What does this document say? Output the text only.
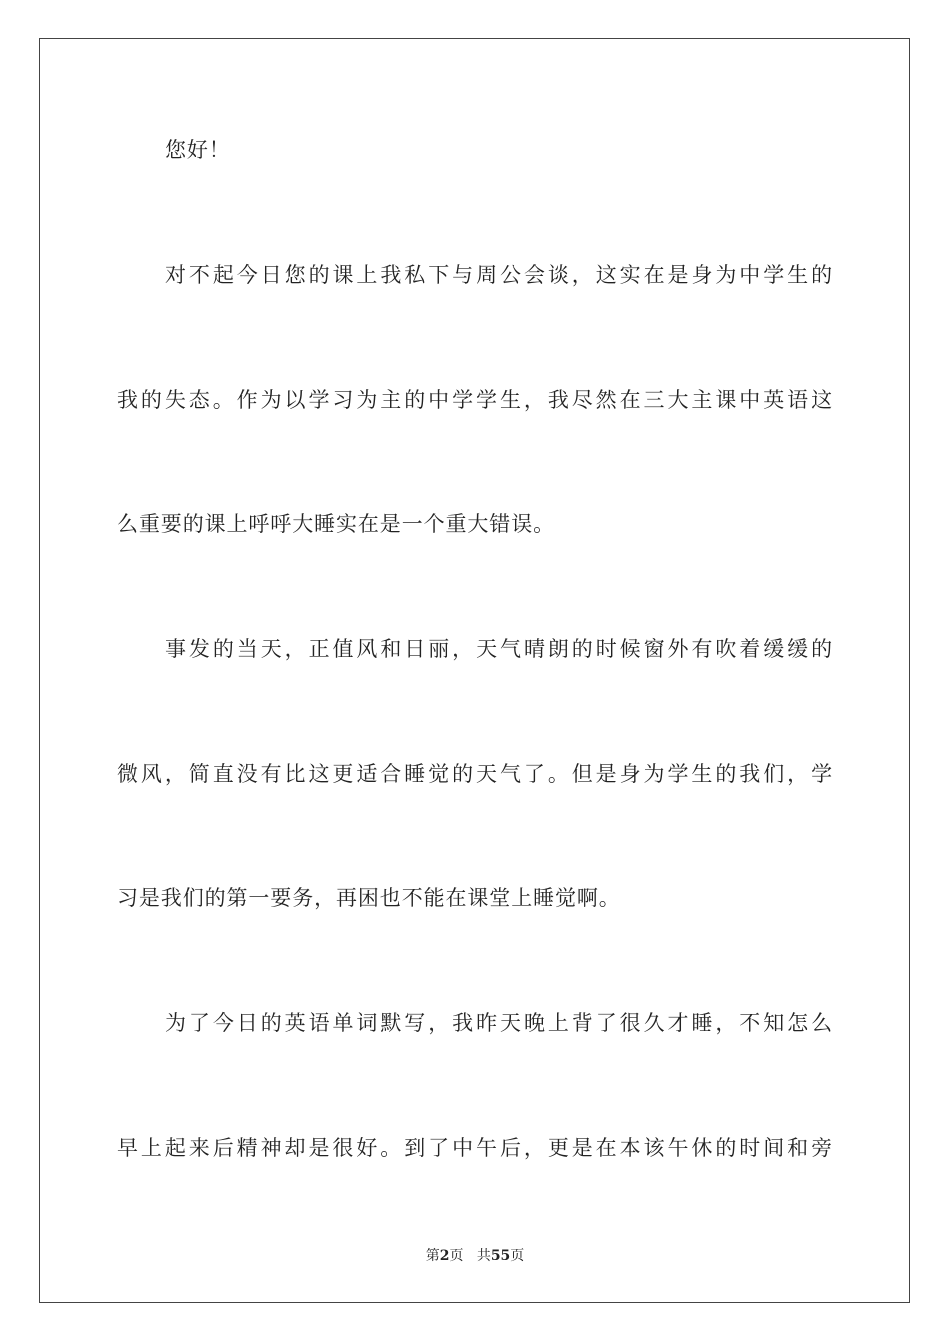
您好！
对不起今日您的课上我私下与周公会谈，这实在是身为中学生的
我的失态。作为以学习为主的中学学生，我尽然在三大主课中英语这
么重要的课上呼呼大睡实在是一个重大错误。
事发的当天，正值风和日丽，天气晴朗的时候窗外有吹着缓缓的
微风，简直没有比这更适合睡觉的天气了。但是身为学生的我们，学
习是我们的第一要务，再困也不能在课堂上睡觉啊。
为了今日的英语单词默写，我昨天晚上背了很久才睡，不知怎么
早上起来后精神却是很好。到了中午后，更是在本该午休的时间和旁
第2页 共55页
